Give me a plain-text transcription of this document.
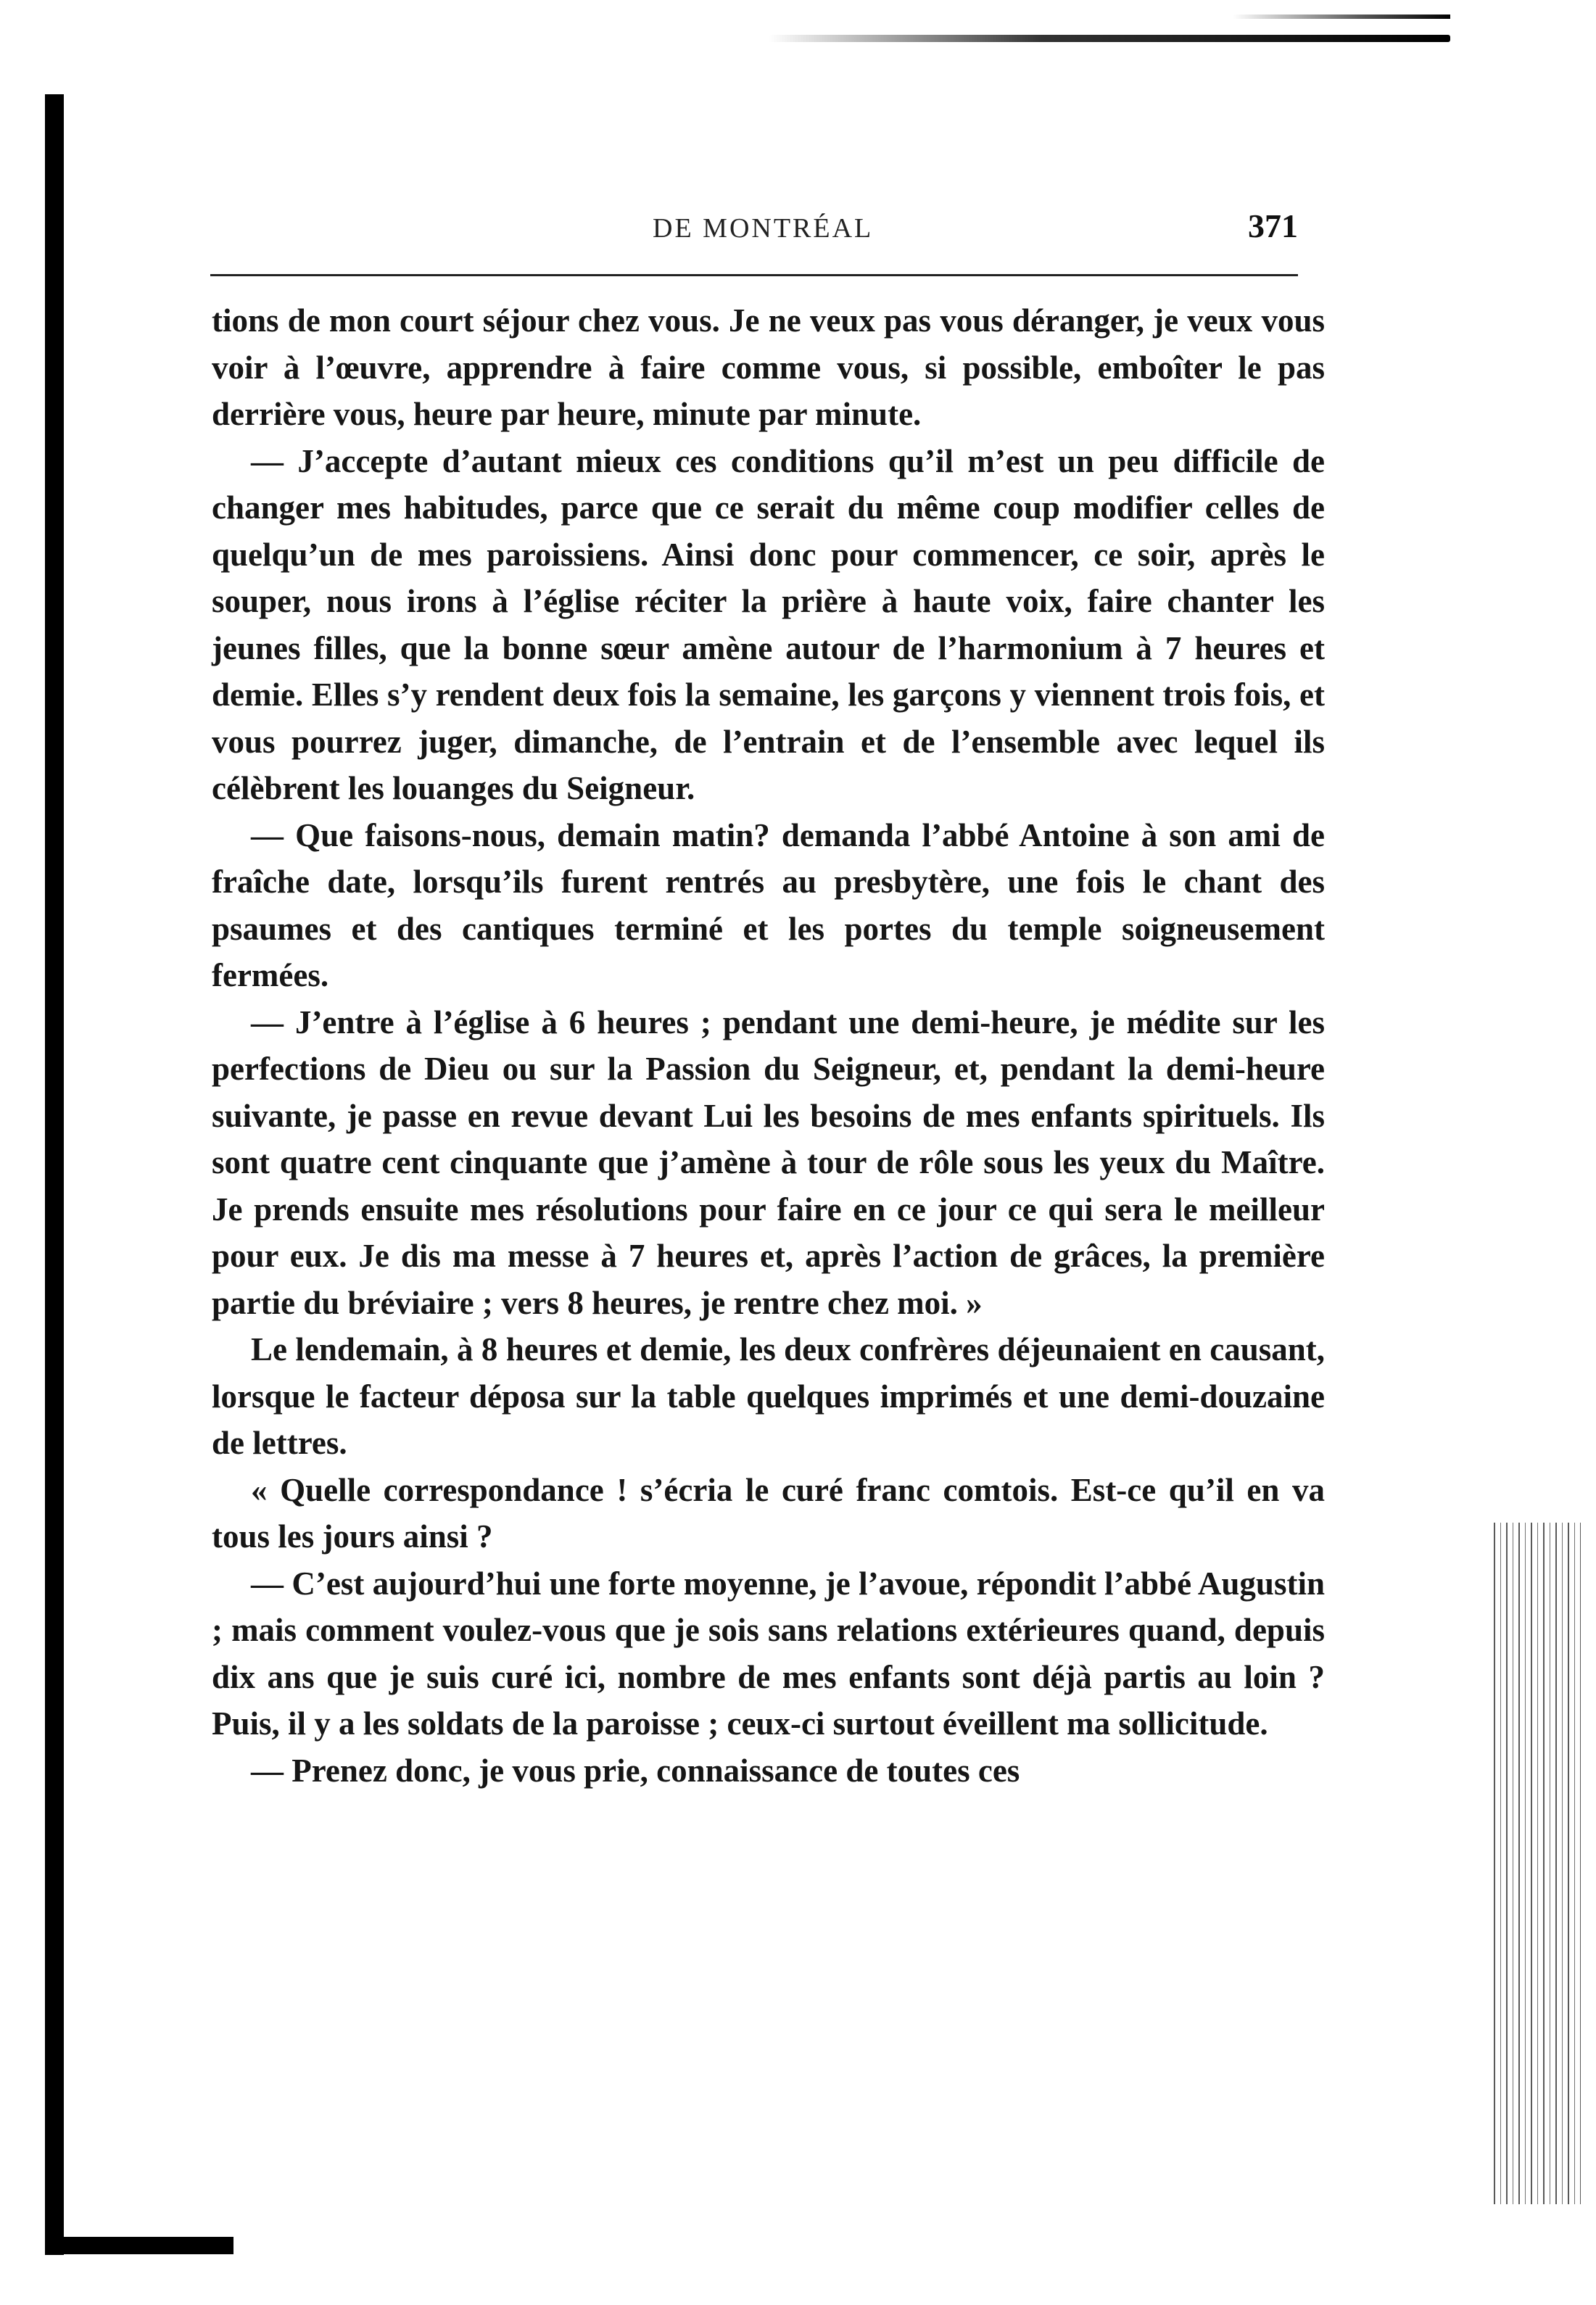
DE MONTRÉAL	371

tions de mon court séjour chez vous. Je ne veux pas vous déranger, je veux vous voir à l’œuvre, apprendre à faire comme vous, si possible, emboîter le pas derrière vous, heure par heure, minute par minute.

— J’accepte d’autant mieux ces conditions qu’il m’est un peu difficile de changer mes habitudes, parce que ce serait du même coup modifier celles de quelqu’un de mes paroissiens. Ainsi donc pour commencer, ce soir, après le souper, nous irons à l’église réciter la prière à haute voix, faire chanter les jeunes filles, que la bonne sœur amène autour de l’harmonium à 7 heures et demie. Elles s’y rendent deux fois la semaine, les garçons y viennent trois fois, et vous pourrez juger, dimanche, de l’entrain et de l’ensemble avec lequel ils célèbrent les louanges du Seigneur.

— Que faisons-nous, demain matin? demanda l’abbé Antoine à son ami de fraîche date, lorsqu’ils furent rentrés au presbytère, une fois le chant des psaumes et des cantiques terminé et les portes du temple soigneusement fermées.

— J’entre à l’église à 6 heures ; pendant une demi-heure, je médite sur les perfections de Dieu ou sur la Passion du Seigneur, et, pendant la demi-heure suivante, je passe en revue devant Lui les besoins de mes enfants spirituels. Ils sont quatre cent cinquante que j’amène à tour de rôle sous les yeux du Maître. Je prends ensuite mes résolutions pour faire en ce jour ce qui sera le meilleur pour eux. Je dis ma messe à 7 heures et, après l’action de grâces, la première partie du bréviaire ; vers 8 heures, je rentre chez moi. »

Le lendemain, à 8 heures et demie, les deux confrères déjeunaient en causant, lorsque le facteur déposa sur la table quelques imprimés et une demi-douzaine de lettres.

« Quelle correspondance ! s’écria le curé franc comtois. Est-ce qu’il en va tous les jours ainsi ?

— C’est aujourd’hui une forte moyenne, je l’avoue, répondit l’abbé Augustin ; mais comment voulez-vous que je sois sans relations extérieures quand, depuis dix ans que je suis curé ici, nombre de mes enfants sont déjà partis au loin ? Puis, il y a les soldats de la paroisse ; ceux-ci surtout éveillent ma sollicitude.

— Prenez donc, je vous prie, connaissance de toutes ces
